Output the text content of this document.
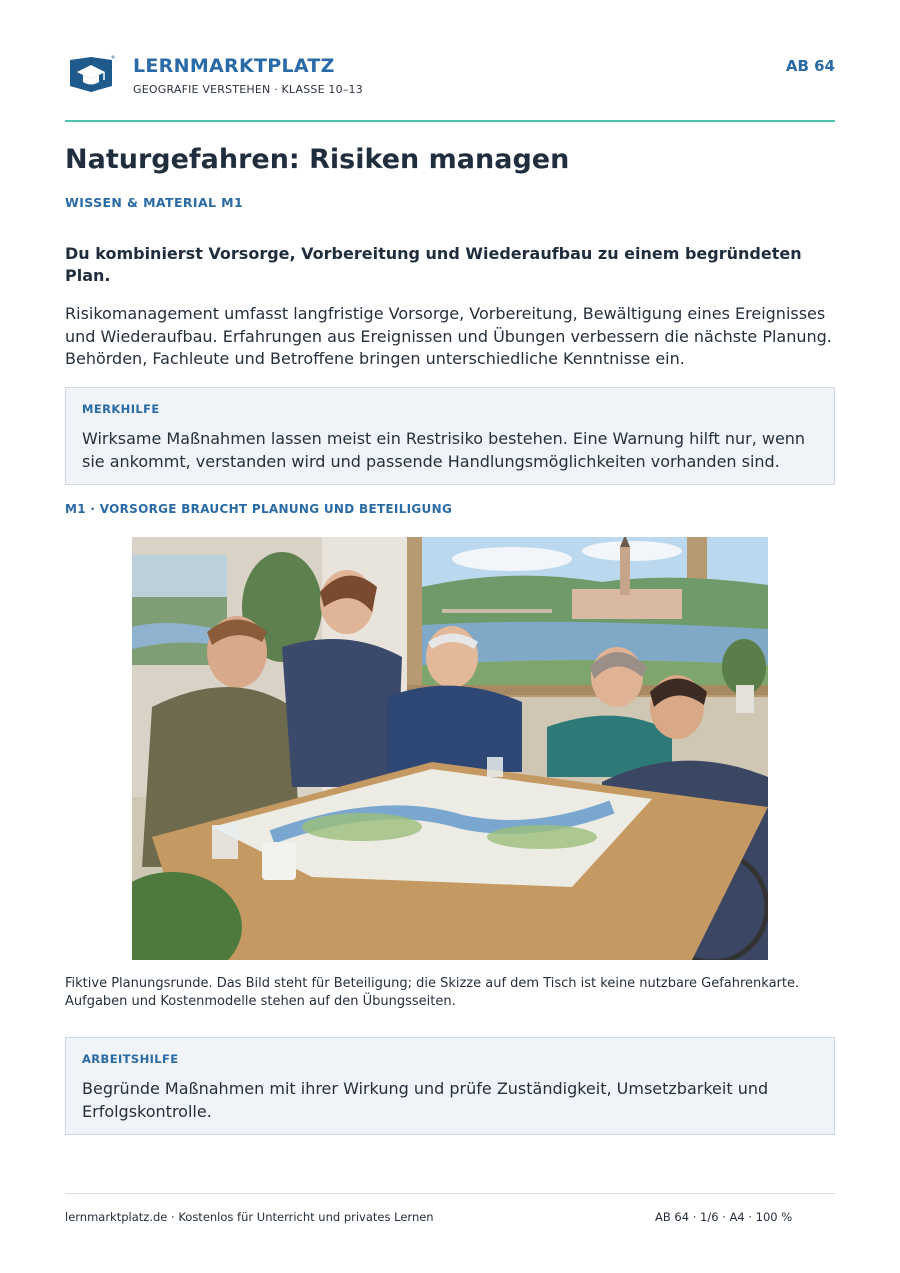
LERNMARKTPLATZ
GEOGRAFIE VERSTEHEN · KLASSE 10–13
AB 64
Naturgefahren: Risiken managen
WISSEN & MATERIAL M1

Du kombinierst Vorsorge, Vorbereitung und Wiederaufbau zu einem begründeten Plan.

Risikomanagement umfasst langfristige Vorsorge, Vorbereitung, Bewältigung eines Ereignisses und Wiederaufbau. Erfahrungen aus Ereignissen und Übungen verbessern die nächste Planung. Behörden, Fachleute und Betroffene bringen unterschiedliche Kenntnisse ein.

MERKHILFE
Wirksame Maßnahmen lassen meist ein Restrisiko bestehen. Eine Warnung hilft nur, wenn sie ankommt, verstanden wird und passende Handlungsmöglichkeiten vorhanden sind.
M1 · VORSORGE BRAUCHT PLANUNG UND BETEILIGUNG

Fiktive Planungsrunde. Das Bild steht für Beteiligung; die Skizze auf dem Tisch ist keine nutzbare Gefahrenkarte. Aufgaben und Kostenmodelle stehen auf den Übungsseiten.

ARBEITSHILFE
Begründe Maßnahmen mit ihrer Wirkung und prüfe Zuständigkeit, Umsetzbarkeit und Erfolgskontrolle.
lernmarktplatz.de · Kostenlos für Unterricht und privates Lernen	AB 64 · 1/6 · A4 · 100 %
